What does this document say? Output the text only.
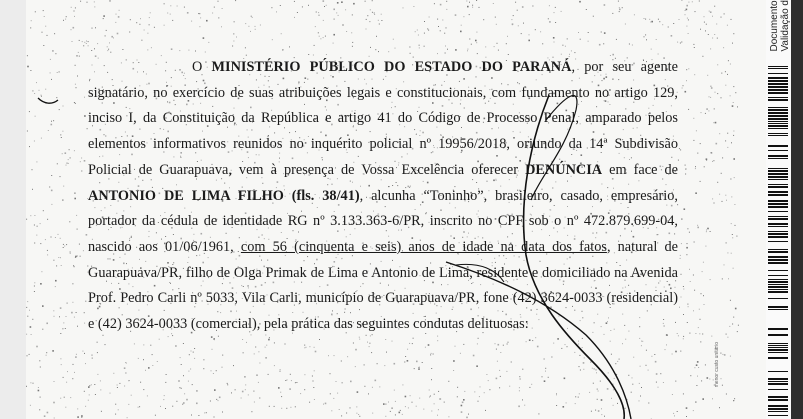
O MINISTÉRIO PÚBLICO DO ESTADO DO PARANÁ, por seu agente signatário, no exercício de suas atribuições legais e constitucionais, com fundamento no artigo 129, inciso I, da Constituição da República e artigo 41 do Código de Processo Penal, amparado pelos elementos informativos reunidos no inquérito policial nº 19956/2018, oriundo da 14ª Subdivisão Policial de Guarapuava, vem à presença de Vossa Excelência oferecer DENÚNCIA em face de ANTONIO DE LIMA FILHO (fls. 38/41), alcunha “Toninho”, brasileiro, casado, empresário, portador da cédula de identidade RG nº 3.133.363-6/PR, inscrito no CPF sob o nº 472.879.699-04, nascido aos 01/06/1961, com 56 (cinquenta e seis) anos de idade na data dos fatos, natural de Guarapuava/PR, filho de Olga Primak de Lima e Antonio de Lima, residente e domiciliado na Avenida Prof. Pedro Carli nº 5033, Vila Carli, município de Guarapuava/PR, fone (42) 3624-0033 (residencial) e (42) 3624-0033 (comercial), pela prática das seguintes condutas delituosas:

menor custo unitário
Documento
Validação d
